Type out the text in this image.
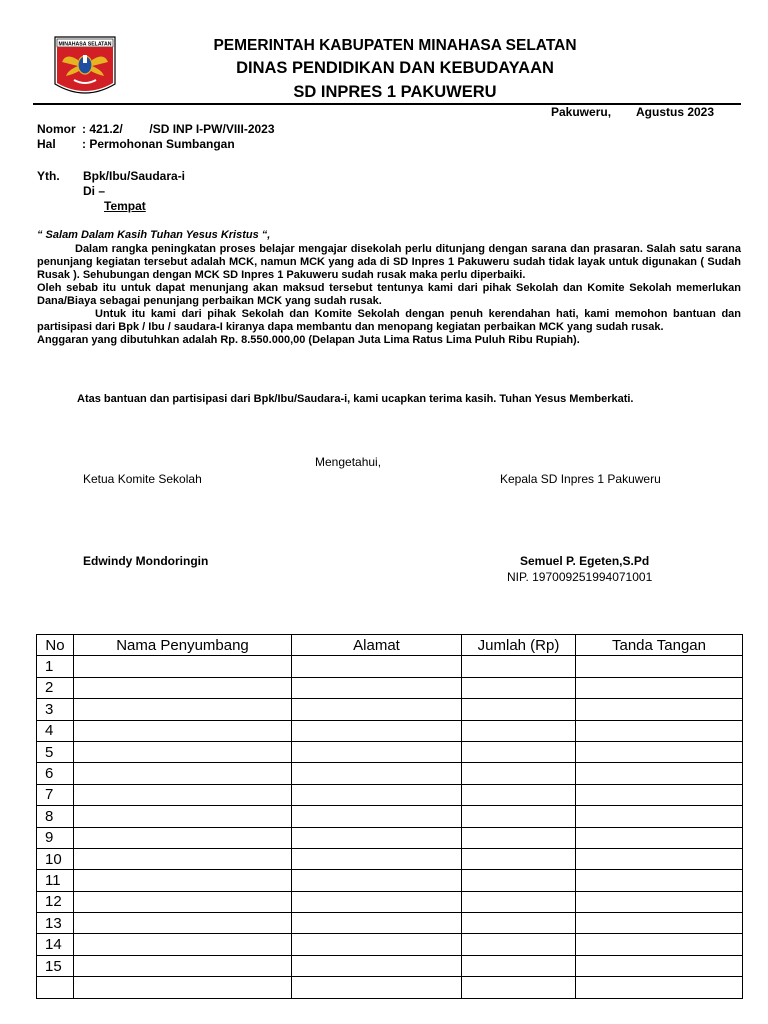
MINAHASA SELATAN	PEMERINTAH KABUPATEN MINAHASA SELATAN
DINAS PENDIDIKAN DAN KEBUDAYAAN
SD INPRES 1 PAKUWERU
Pakuweru, Agustus 2023
Nomor : 421.2/        /SD INP I-PW/VIII-2023
Hal : Permohonan Sumbangan
Yth. Bpk/Ibu/Saudara-i
Di –
Tempat
“ Salam Dalam Kasih Tuhan Yesus Kristus “,

Dalam rangka peningkatan proses belajar mengajar disekolah perlu ditunjang dengan sarana dan prasaran. Salah satu sarana penunjang kegiatan tersebut adalah MCK, namun MCK yang ada di SD Inpres 1 Pakuweru sudah tidak layak untuk digunakan ( Sudah Rusak ). Sehubungan dengan MCK SD Inpres 1 Pakuweru sudah rusak maka perlu diperbaiki.

Oleh sebab itu untuk dapat menunjang akan maksud tersebut tentunya kami dari pihak Sekolah dan Komite Sekolah memerlukan Dana/Biaya sebagai penunjang perbaikan MCK yang sudah rusak.

Untuk itu kami dari pihak Sekolah dan Komite Sekolah dengan penuh kerendahan hati, kami memohon bantuan dan partisipasi dari Bpk / Ibu / saudara-I kiranya dapa membantu dan menopang kegiatan perbaikan MCK yang sudah rusak.

Anggaran yang dibutuhkan adalah Rp. 8.550.000,00 (Delapan Juta Lima Ratus Lima Puluh Ribu Rupiah).

Atas bantuan dan partisipasi dari Bpk/Ibu/Saudara-i, kami ucapkan terima kasih. Tuhan Yesus Memberkati.
Mengetahui,
Ketua Komite Sekolah	Kepala SD Inpres 1 Pakuweru
Edwindy Mondoringin	Semuel P. Egeten,S.Pd
NIP. 197009251994071001
No	Nama Penyumbang	Alamat	Jumlah (Rp)	Tanda Tangan
1				
2				
3				
4				
5				
6				
7				
8				
9				
10				
11				
12				
13				
14				
15				
